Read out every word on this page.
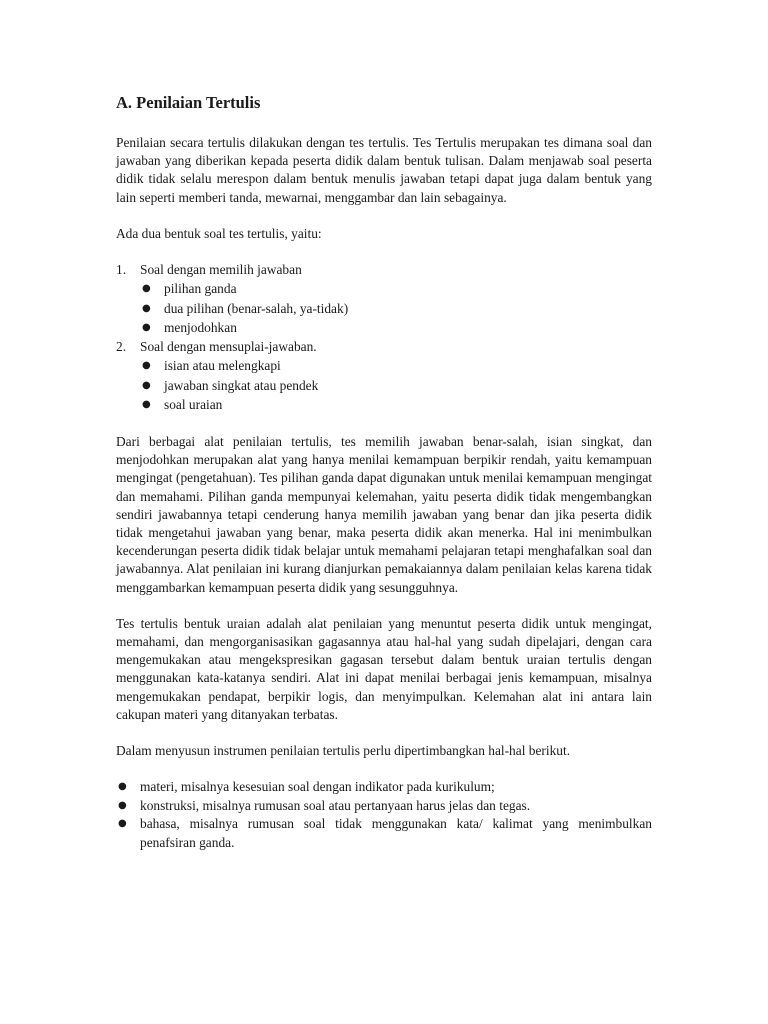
A. Penilaian Tertulis

Penilaian secara tertulis dilakukan dengan tes tertulis. Tes Tertulis merupakan tes dimana soal dan jawaban yang diberikan kepada peserta didik dalam bentuk tulisan. Dalam menjawab soal peserta didik tidak selalu merespon dalam bentuk menulis jawaban tetapi dapat juga dalam bentuk yang lain seperti memberi tanda, mewarnai, menggambar dan lain sebagainya.

Ada dua bentuk soal tes tertulis, yaitu:

1. Soal dengan memilih jawaban
● pilihan ganda
● dua pilihan (benar-salah, ya-tidak)
● menjodohkan
2. Soal dengan mensuplai-jawaban.
● isian atau melengkapi
● jawaban singkat atau pendek
● soal uraian

Dari berbagai alat penilaian tertulis, tes memilih jawaban benar-salah, isian singkat, dan menjodohkan merupakan alat yang hanya menilai kemampuan berpikir rendah, yaitu kemampuan mengingat (pengetahuan). Tes pilihan ganda dapat digunakan untuk menilai kemampuan mengingat dan memahami. Pilihan ganda mempunyai kelemahan, yaitu peserta didik tidak mengembangkan sendiri jawabannya tetapi cenderung hanya memilih jawaban yang benar dan jika peserta didik tidak mengetahui jawaban yang benar, maka peserta didik akan menerka. Hal ini menimbulkan kecenderungan peserta didik tidak belajar untuk memahami pelajaran tetapi menghafalkan soal dan jawabannya. Alat penilaian ini kurang dianjurkan pemakaiannya dalam penilaian kelas karena tidak menggambarkan kemampuan peserta didik yang sesungguhnya.

Tes tertulis bentuk uraian adalah alat penilaian yang menuntut peserta didik untuk mengingat, memahami, dan mengorganisasikan gagasannya atau hal-hal yang sudah dipelajari, dengan cara mengemukakan atau mengekspresikan gagasan tersebut dalam bentuk uraian tertulis dengan menggunakan kata-katanya sendiri. Alat ini dapat menilai berbagai jenis kemampuan, misalnya mengemukakan pendapat, berpikir logis, dan menyimpulkan. Kelemahan alat ini antara lain cakupan materi yang ditanyakan terbatas.

Dalam menyusun instrumen penilaian tertulis perlu dipertimbangkan hal-hal berikut.

● materi, misalnya kesesuian soal dengan indikator pada kurikulum;
● konstruksi, misalnya rumusan soal atau pertanyaan harus jelas dan tegas.
● bahasa, misalnya rumusan soal tidak menggunakan kata/ kalimat yang menimbulkan penafsiran ganda.
